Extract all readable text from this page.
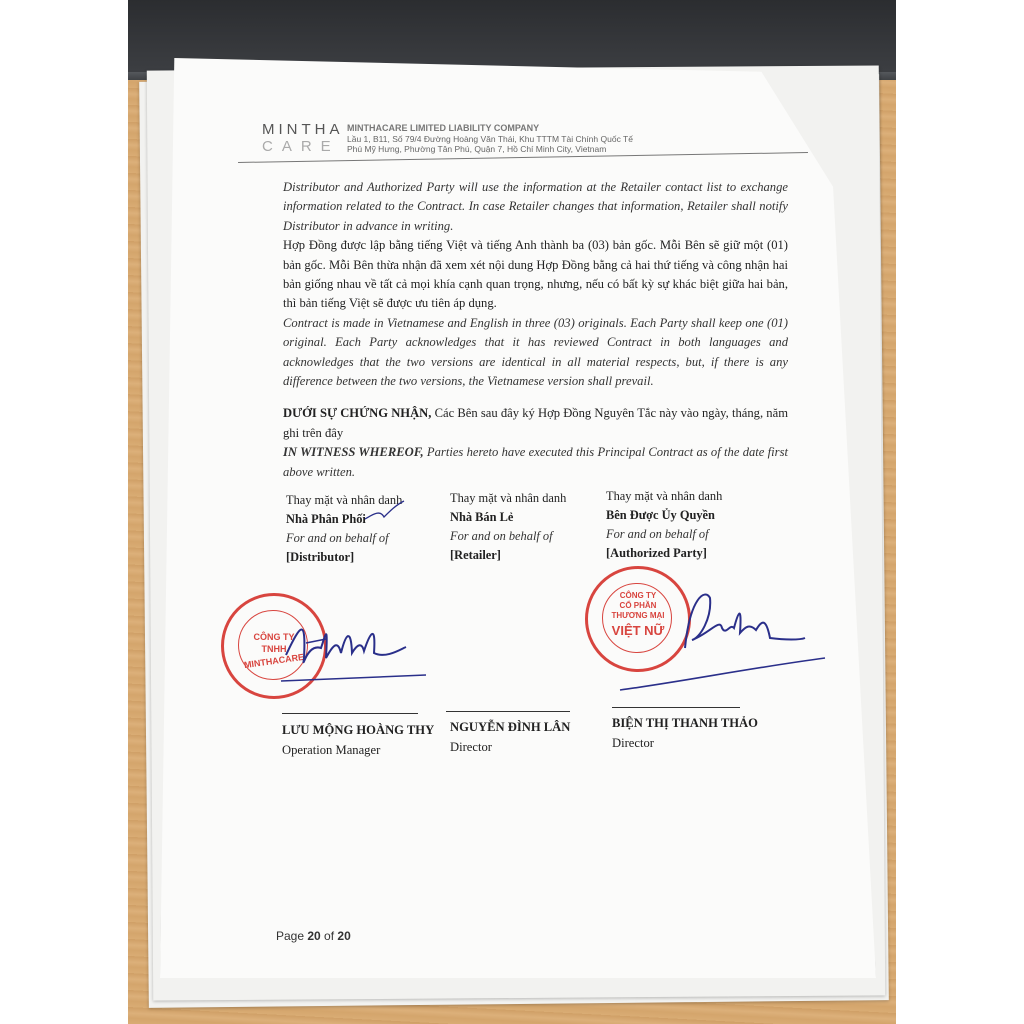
MINTHA
CARE
MINTHACARE LIMITED LIABILITY COMPANY
Lầu 1, B11, Số 79/4 Đường Hoàng Văn Thái, Khu TTTM Tài Chính Quốc Tế
Phú Mỹ Hưng, Phường Tân Phú, Quận 7, Hồ Chí Minh City, Vietnam

Distributor and Authorized Party will use the information at the Retailer contact list to exchange information related to the Contract. In case Retailer changes that information, Retailer shall notify Distributor in advance in writing.

Hợp Đồng được lập bằng tiếng Việt và tiếng Anh thành ba (03) bản gốc. Mỗi Bên sẽ giữ một (01) bản gốc. Mỗi Bên thừa nhận đã xem xét nội dung Hợp Đồng bằng cả hai thứ tiếng và công nhận hai bản giống nhau về tất cả mọi khía cạnh quan trọng, nhưng, nếu có bất kỳ sự khác biệt giữa hai bản, thì bản tiếng Việt sẽ được ưu tiên áp dụng.

Contract is made in Vietnamese and English in three (03) originals. Each Party shall keep one (01) original. Each Party acknowledges that it has reviewed Contract in both languages and acknowledges that the two versions are identical in all material respects, but, if there is any difference between the two versions, the Vietnamese version shall prevail.

DƯỚI SỰ CHỨNG NHẬN, Các Bên sau đây ký Hợp Đồng Nguyên Tắc này vào ngày, tháng, năm ghi trên đây

IN WITNESS WHEREOF, Parties hereto have executed this Principal Contract as of the date first above written.

Thay mặt và nhân danh
Nhà Phân Phối
For and on behalf of
[Distributor]
Thay mặt và nhân danh
Nhà Bán Lẻ
For and on behalf of
[Retailer]
Thay mặt và nhân danh
Bên Được Ủy Quyền
For and on behalf of
[Authorized Party]
CÔNG TY
TNHH
MINTHACARE
CÔNG TY
CỔ PHẦN
THƯƠNG MẠI
VIỆT NỮ
LƯU MỘNG HOÀNG THY
Operation Manager
NGUYỄN ĐÌNH LÂN
Director
BIỆN THỊ THANH THẢO
Director
Page 20 of 20
